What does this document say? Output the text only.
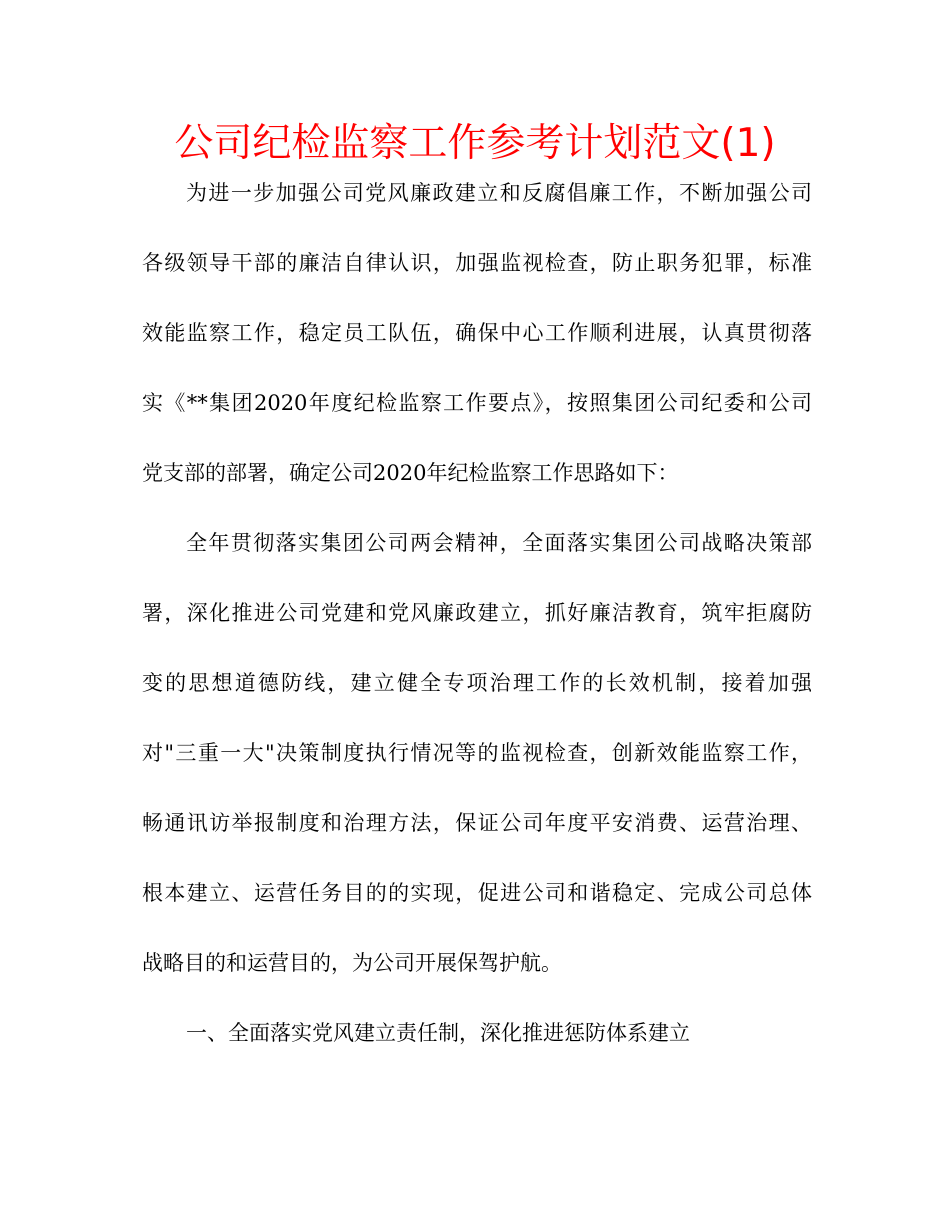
公司纪检监察工作参考计划范文(1)
为进一步加强公司党风廉政建立和反腐倡廉工作，不断加强公司
各级领导干部的廉洁自律认识，加强监视检查，防止职务犯罪，标准
效能监察工作，稳定员工队伍，确保中心工作顺利进展，认真贯彻落
实《**集团2020年度纪检监察工作要点》，按照集团公司纪委和公司
党支部的部署，确定公司2020年纪检监察工作思路如下：
全年贯彻落实集团公司两会精神，全面落实集团公司战略决策部
署，深化推进公司党建和党风廉政建立，抓好廉洁教育，筑牢拒腐防
变的思想道德防线，建立健全专项治理工作的长效机制，接着加强
对"三重一大"决策制度执行情况等的监视检查，创新效能监察工作，
畅通讯访举报制度和治理方法，保证公司年度平安消费、运营治理、
根本建立、运营任务目的的实现，促进公司和谐稳定、完成公司总体
战略目的和运营目的，为公司开展保驾护航。
一、全面落实党风建立责任制，深化推进惩防体系建立
